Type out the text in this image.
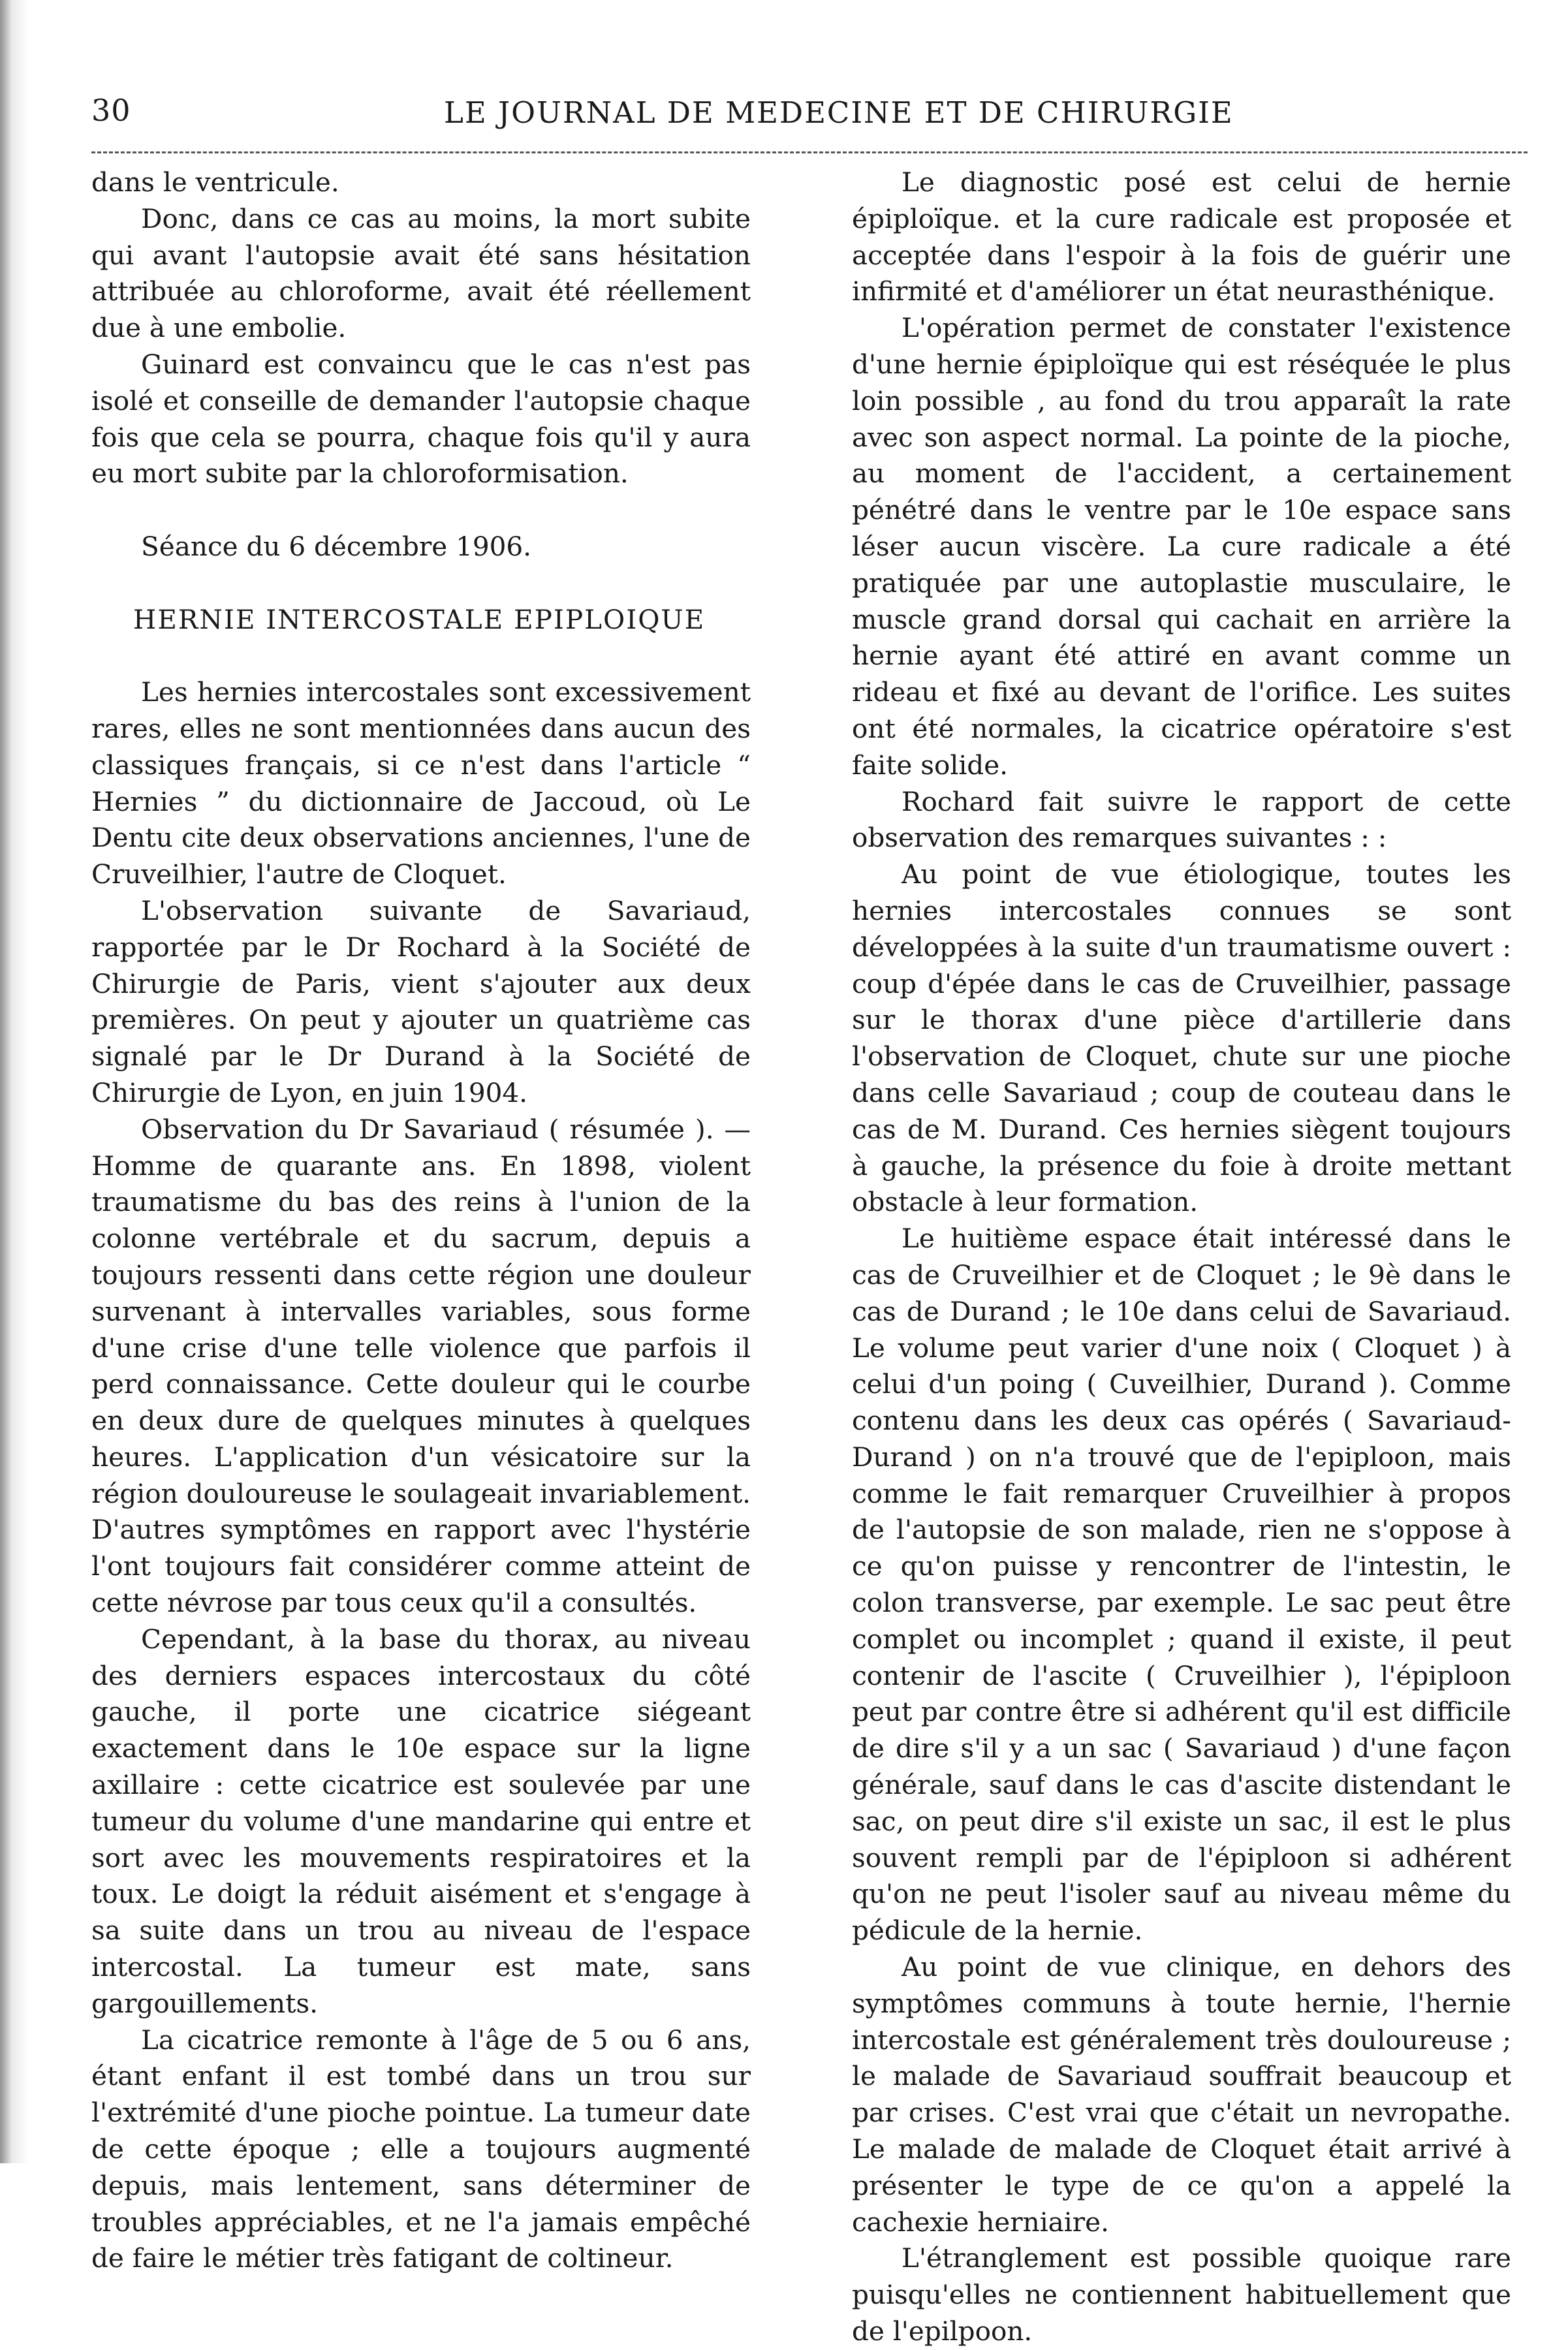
30	LE JOURNAL DE MEDECINE ET DE CHIRURGIE

dans le ventricule.

Donc, dans ce cas au moins, la mort subite qui avant l'autopsie avait été sans hésitation attribuée au chloroforme, avait été réellement due à une embolie.

Guinard est convaincu que le cas n'est pas isolé et conseille de demander l'autopsie chaque fois que cela se pourra, chaque fois qu'il y aura eu mort subite par la chloroformisation.

Séance du 6 décembre 1906.

HERNIE INTERCOSTALE EPIPLOIQUE

Les hernies intercostales sont excessivement rares, elles ne sont mentionnées dans aucun des classiques français, si ce n'est dans l'article “ Hernies ” du dictionnaire de Jaccoud, où Le Dentu cite deux observations anciennes, l'une de Cruveilhier, l'autre de Cloquet.

L'observation suivante de Savariaud, rapportée par le Dr Rochard à la Société de Chirurgie de Paris, vient s'ajouter aux deux premières. On peut y ajouter un quatrième cas signalé par le Dr Durand à la Société de Chirurgie de Lyon, en juin 1904.

Observation du Dr Savariaud ( résumée ). — Homme de quarante ans. En 1898, violent traumatisme du bas des reins à l'union de la colonne vertébrale et du sacrum, depuis a toujours ressenti dans cette région une douleur survenant à intervalles variables, sous forme d'une crise d'une telle violence que parfois il perd connaissance. Cette douleur qui le courbe en deux dure de quelques minutes à quelques heures. L'application d'un vésicatoire sur la région douloureuse le soulageait invariablement. D'autres symptômes en rapport avec l'hystérie l'ont toujours fait considérer comme atteint de cette névrose par tous ceux qu'il a consultés.

Cependant, à la base du thorax, au niveau des derniers espaces intercostaux du côté gauche, il porte une cicatrice siégeant exactement dans le 10e espace sur la ligne axillaire : cette cicatrice est soulevée par une tumeur du volume d'une mandarine qui entre et sort avec les mouvements respiratoires et la toux. Le doigt la réduit aisément et s'engage à sa suite dans un trou au niveau de l'espace intercostal. La tumeur est mate, sans gargouillements.

La cicatrice remonte à l'âge de 5 ou 6 ans, étant enfant il est tombé dans un trou sur l'extrémité d'une pioche pointue. La tumeur date de cette époque ; elle a toujours augmenté depuis, mais lentement, sans déterminer de troubles appréciables, et ne l'a jamais empêché de faire le métier très fatigant de coltineur.

Le diagnostic posé est celui de hernie épiploïque. et la cure radicale est proposée et acceptée dans l'espoir à la fois de guérir une infirmité et d'améliorer un état neurasthénique.

L'opération permet de constater l'existence d'une hernie épiploïque qui est réséquée le plus loin possible , au fond du trou apparaît la rate avec son aspect normal. La pointe de la pioche, au moment de l'accident, a certainement pénétré dans le ventre par le 10e espace sans léser aucun viscère. La cure radicale a été pratiquée par une autoplastie musculaire, le muscle grand dorsal qui cachait en arrière la hernie ayant été attiré en avant comme un rideau et fixé au devant de l'orifice. Les suites ont été normales, la cicatrice opératoire s'est faite solide.

Rochard fait suivre le rapport de cette observation des remarques suivantes : :

Au point de vue étiologique, toutes les hernies intercostales connues se sont développées à la suite d'un traumatisme ouvert : coup d'épée dans le cas de Cruveilhier, passage sur le thorax d'une pièce d'artillerie dans l'observation de Cloquet, chute sur une pioche dans celle Savariaud ; coup de couteau dans le cas de M. Durand. Ces hernies siègent toujours à gauche, la présence du foie à droite mettant obstacle à leur formation.

Le huitième espace était intéressé dans le cas de Cruveilhier et de Cloquet ; le 9è dans le cas de Durand ; le 10e dans celui de Savariaud. Le volume peut varier d'une noix ( Cloquet ) à celui d'un poing ( Cuveilhier, Durand ). Comme contenu dans les deux cas opérés ( Savariaud-Durand ) on n'a trouvé que de l'epiploon, mais comme le fait remarquer Cruveilhier à propos de l'autopsie de son malade, rien ne s'oppose à ce qu'on puisse y rencontrer de l'intestin, le colon transverse, par exemple. Le sac peut être complet ou incomplet ; quand il existe, il peut contenir de l'ascite ( Cruveilhier ), l'épiploon peut par contre être si adhérent qu'il est difficile de dire s'il y a un sac ( Savariaud ) d'une façon générale, sauf dans le cas d'ascite distendant le sac, on peut dire s'il existe un sac, il est le plus souvent rempli par de l'épiploon si adhérent qu'on ne peut l'isoler sauf au niveau même du pédicule de la hernie.

Au point de vue clinique, en dehors des symptômes communs à toute hernie, l'hernie intercostale est généralement très douloureuse ; le malade de Savariaud souffrait beaucoup et par crises. C'est vrai que c'était un nevropathe. Le malade de malade de Cloquet était arrivé à présenter le type de ce qu'on a appelé la cachexie herniaire.

L'étranglement est possible quoique rare puisqu'elles ne contiennent habituellement que de l'epilpoon.
